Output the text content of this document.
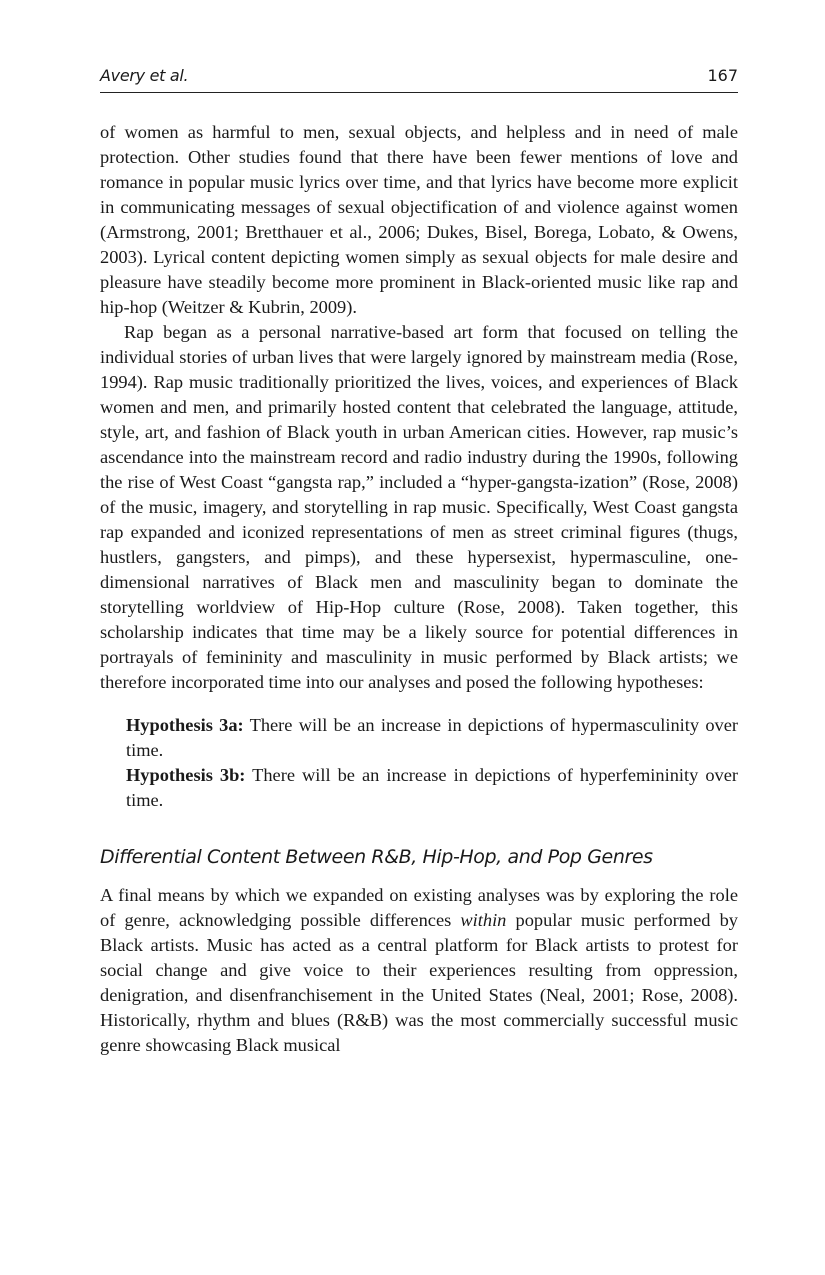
Avery et al.	167

of women as harmful to men, sexual objects, and helpless and in need of male protection. Other studies found that there have been fewer mentions of love and romance in popular music lyrics over time, and that lyrics have become more explicit in communicating messages of sexual objectification of and violence against women (Armstrong, 2001; Bretthauer et al., 2006; Dukes, Bisel, Borega, Lobato, & Owens, 2003). Lyrical content depicting women simply as sexual objects for male desire and pleasure have steadily become more prominent in Black-oriented music like rap and hip-hop (Weitzer & Kubrin, 2009).

Rap began as a personal narrative-based art form that focused on telling the individual stories of urban lives that were largely ignored by mainstream media (Rose, 1994). Rap music traditionally prioritized the lives, voices, and experiences of Black women and men, and primarily hosted content that celebrated the language, attitude, style, art, and fashion of Black youth in urban American cities. However, rap music’s ascendance into the mainstream record and radio industry during the 1990s, following the rise of West Coast “gangsta rap,” included a “hyper-gangsta-ization” (Rose, 2008) of the music, imagery, and storytelling in rap music. Specifically, West Coast gangsta rap expanded and iconized representations of men as street criminal figures (thugs, hustlers, gangsters, and pimps), and these hypersexist, hypermasculine, one-dimensional narratives of Black men and masculinity began to dominate the storytelling worldview of Hip-Hop culture (Rose, 2008). Taken together, this scholarship indicates that time may be a likely source for potential differences in portrayals of femininity and masculinity in music performed by Black artists; we therefore incorporated time into our analyses and posed the following hypotheses:

Hypothesis 3a: There will be an increase in depictions of hypermasculinity over time.

Hypothesis 3b: There will be an increase in depictions of hyperfemininity over time.

Differential Content Between R&B, Hip-Hop, and Pop Genres

A final means by which we expanded on existing analyses was by exploring the role of genre, acknowledging possible differences within popular music performed by Black artists. Music has acted as a central platform for Black artists to protest for social change and give voice to their experiences resulting from oppression, denigration, and disenfranchisement in the United States (Neal, 2001; Rose, 2008). Historically, rhythm and blues (R&B) was the most commercially successful music genre showcasing Black musical
